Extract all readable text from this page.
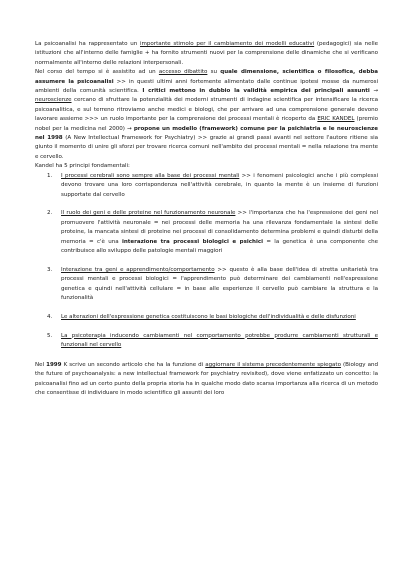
La psicoanalisi ha rappresentato un importante stimolo per il cambiamento dei modelli educativi (pedagogici) sia nelle istituzioni che all'interno delle famiglie + ha fornito strumenti nuovi per la comprensione delle dinamiche che si verificano normalmente all'interno delle relazioni interpersonali.

Nel corso del tempo si è assistito ad un accesso dibattito su quale dimensione, scientifica o filosofica, debba assumere la psicoanalisi >> in questi ultimi anni fortemente alimentato dalle continue ipotesi mosse da numerosi ambienti della comunità scientifica. I critici mettono in dubbio la validità empirica dei principali assunti → neuroscienze cercano di sfruttare la potenzialità dei moderni strumenti di indagine scientifica per intensificare la ricerca psicoanalitica, e sul terreno ritroviamo anche medici e biologi, che per arrivare ad una comprensione generale devono lavorare assieme >>> un ruolo importante per la comprensione dei processi mentali è ricoperto da ERIC KANDEL (premio nobel per la medicina nel 2000) → propone un modello (framework) comune per la psichiatria e le neuroscienze nel 1998 (A New Intellectual Framework for Psychiatry) >> grazie ai grandi passi avanti nel settore l'autore ritiene sia giunto il momento di unire gli sforzi per trovare ricerca comuni nell'ambito dei processi mentali = nella relazione tra mente e cervello.

Kandel ha 5 principi fondamentali:

1. I processi cerebrali sono sempre alla base dei processi mentali >> i fenomeni psicologici anche i più complessi devono trovare una loro corrispondenza nell'attività cerebrale, in quanto la mente è un insieme di funzioni supportate dal cervello
2. Il ruolo dei geni e delle proteine nel funzionamento neuronale >> l'importanza che ha l'espressione dei geni nel promuovere l'attività neuronale = nei processi delle memoria ha una rilevanza fondamentale la sintesi delle proteine, la mancata sintesi di proteine nei processi di consolidamento determina problemi e quindi disturbi della memoria = c'è una interazione tra processi biologici e psichici = la genetica è una componente che contribuisce allo sviluppo delle patologie mentali maggiori
3. Interazione tra geni e apprendimento/comportamento >> questo è alla base dell'idea di stretta unitarietà tra processi mentali e processi biologici = l'apprendimento può determinare dei cambiamenti nell'espressione genetica e quindi nell'attività cellulare = in base alle esperienze il cervello può cambiare la struttura e la funzionalità
4. Le alterazioni dell'espressione genetica costituiscono le basi biologiche dell'individualità e delle disfunzioni
5. La psicoterapia inducendo cambiamenti nel comportamento potrebbe produrre cambiamenti strutturali e funzionali nel cervello

Nel 1999 K scrive un secondo articolo che ha la funzione di aggiornare il sistema precedentemente spiegato (Biology and the future of psychoanalysis: a new intellectual framework for psychiatry revisited), dove viene enfatizzato un concetto: la psicoanalisi fino ad un certo punto della propria storia ha in qualche modo dato scarsa importanza alla ricerca di un metodo che consentisse di individuare in modo scientifico gli assunti dei loro
